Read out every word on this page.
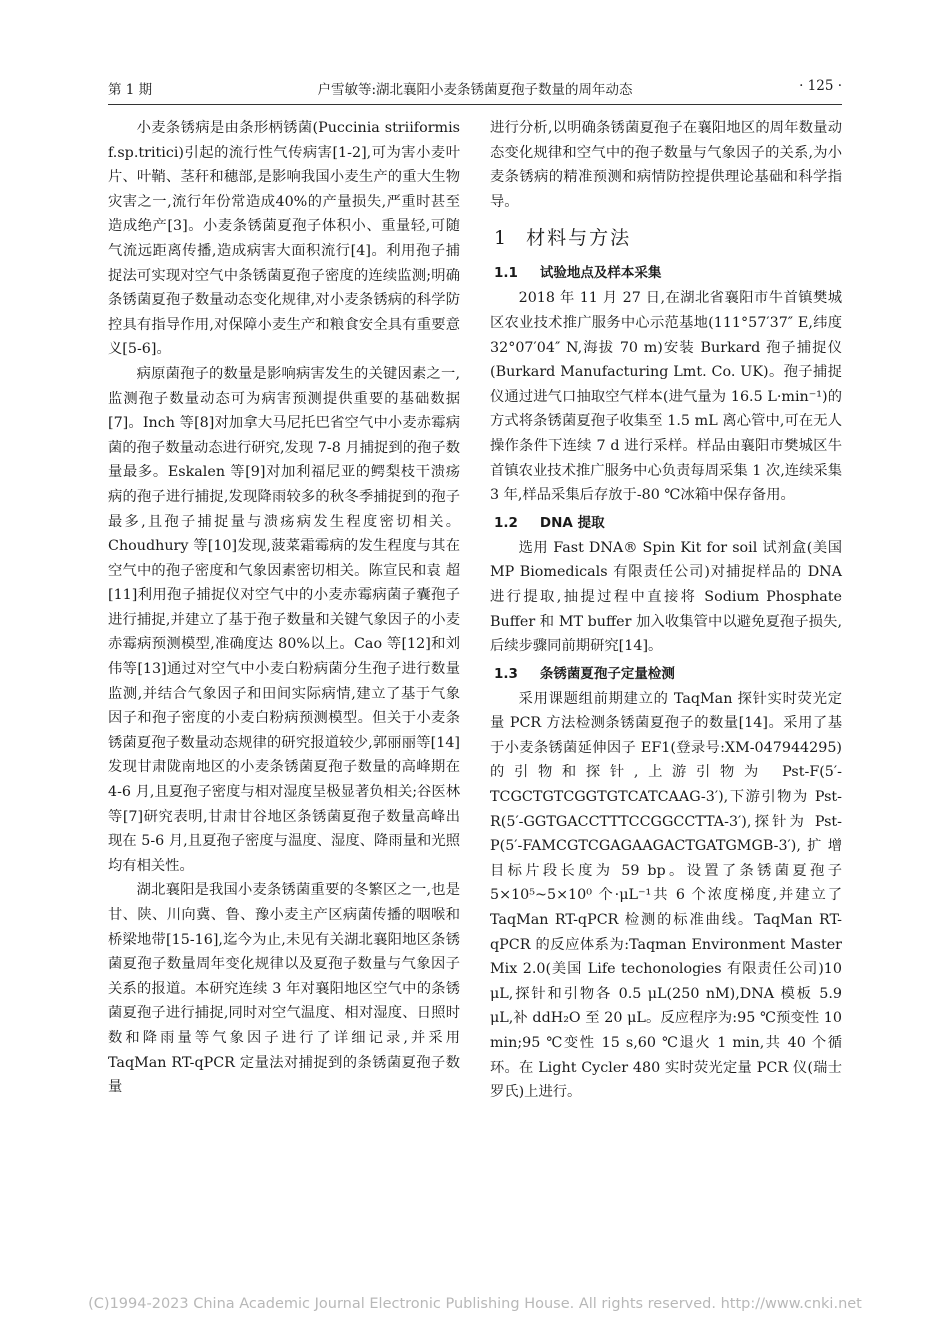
第 1 期	户雪敏等:湖北襄阳小麦条锈菌夏孢子数量的周年动态	· 125 ·

小麦条锈病是由条形柄锈菌(Puccinia striiformis f.sp.tritici)引起的流行性气传病害[1-2],可为害小麦叶片、叶鞘、茎秆和穗部,是影响我国小麦生产的重大生物灾害之一,流行年份常造成40%的产量损失,严重时甚至造成绝产[3]。小麦条锈菌夏孢子体积小、重量轻,可随气流远距离传播,造成病害大面积流行[4]。利用孢子捕捉法可实现对空气中条锈菌夏孢子密度的连续监测;明确条锈菌夏孢子数量动态变化规律,对小麦条锈病的科学防控具有指导作用,对保障小麦生产和粮食安全具有重要意义[5-6]。

病原菌孢子的数量是影响病害发生的关键因素之一,监测孢子数量动态可为病害预测提供重要的基础数据[7]。Inch 等[8]对加拿大马尼托巴省空气中小麦赤霉病菌的孢子数量动态进行研究,发现 7-8 月捕捉到的孢子数量最多。Eskalen 等[9]对加利福尼亚的鳄梨枝干溃疡病的孢子进行捕捉,发现降雨较多的秋冬季捕捉到的孢子最多,且孢子捕捉量与溃疡病发生程度密切相关。Choudhury 等[10]发现,菠菜霜霉病的发生程度与其在空气中的孢子密度和气象因素密切相关。陈宣民和袁 超[11]利用孢子捕捉仪对空气中的小麦赤霉病菌子囊孢子进行捕捉,并建立了基于孢子数量和关键气象因子的小麦赤霉病预测模型,准确度达 80%以上。Cao 等[12]和刘 伟等[13]通过对空气中小麦白粉病菌分生孢子进行数量监测,并结合气象因子和田间实际病情,建立了基于气象因子和孢子密度的小麦白粉病预测模型。但关于小麦条锈菌夏孢子数量动态规律的研究报道较少,郭丽丽等[14]发现甘肃陇南地区的小麦条锈菌夏孢子数量的高峰期在 4-6 月,且夏孢子密度与相对湿度呈极显著负相关;谷医林等[7]研究表明,甘肃甘谷地区条锈菌夏孢子数量高峰出现在 5-6 月,且夏孢子密度与温度、湿度、降雨量和光照均有相关性。

湖北襄阳是我国小麦条锈菌重要的冬繁区之一,也是甘、陕、川向冀、鲁、豫小麦主产区病菌传播的咽喉和桥梁地带[15-16],迄今为止,未见有关湖北襄阳地区条锈菌夏孢子数量周年变化规律以及夏孢子数量与气象因子关系的报道。本研究连续 3 年对襄阳地区空气中的条锈菌夏孢子进行捕捉,同时对空气温度、相对湿度、日照时数和降雨量等气象因子进行了详细记录,并采用 TaqMan RT-qPCR 定量法对捕捉到的条锈菌夏孢子数量

进行分析,以明确条锈菌夏孢子在襄阳地区的周年数量动态变化规律和空气中的孢子数量与气象因子的关系,为小麦条锈病的精准预测和病情防控提供理论基础和科学指导。

1 材料与方法
1.1 试验地点及样本采集

2018 年 11 月 27 日,在湖北省襄阳市牛首镇樊城区农业技术推广服务中心示范基地(111°57′37″ E,纬度 32°07′04″ N,海拔 70 m)安装 Burkard 孢子捕捉仪(Burkard Manufacturing Lmt. Co. UK)。孢子捕捉仪通过进气口抽取空气样本(进气量为 16.5 L·min⁻¹)的方式将条锈菌夏孢子收集至 1.5 mL 离心管中,可在无人操作条件下连续 7 d 进行采样。样品由襄阳市樊城区牛首镇农业技术推广服务中心负责每周采集 1 次,连续采集 3 年,样品采集后存放于-80 ℃冰箱中保存备用。

1.2 DNA 提取

选用 Fast DNA® Spin Kit for soil 试剂盒(美国 MP Biomedicals 有限责任公司)对捕捉样品的 DNA 进行提取,抽提过程中直接将 Sodium Phosphate Buffer 和 MT buffer 加入收集管中以避免夏孢子损失,后续步骤同前期研究[14]。

1.3 条锈菌夏孢子定量检测

采用课题组前期建立的 TaqMan 探针实时荧光定量 PCR 方法检测条锈菌夏孢子的数量[14]。采用了基于小麦条锈菌延伸因子 EF1(登录号:XM-047944295)的引物和探针,上游引物为 Pst-F(5′-TCGCTGTCGGTGTCATCAAG-3′),下游引物为 Pst-R(5′-GGTGACCTTTCCGGCCTTA-3′),探针为 Pst-P(5′-FAMCGTCGAGAAGACTGATGMGB-3′),扩增目标片段长度为 59 bp。设置了条锈菌夏孢子 5×10⁵~5×10⁰ 个·μL⁻¹共 6 个浓度梯度,并建立了 TaqMan RT-qPCR 检测的标准曲线。TaqMan RT-qPCR 的反应体系为:Taqman Environment Master Mix 2.0(美国 Life techonologies 有限责任公司)10 μL,探针和引物各 0.5 μL(250 nM),DNA 模板 5.9 μL,补 ddH₂O 至 20 μL。反应程序为:95 ℃预变性 10 min;95 ℃变性 15 s,60 ℃退火 1 min,共 40 个循环。在 Light Cycler 480 实时荧光定量 PCR 仪(瑞士罗氏)上进行。

(C)1994-2023 China Academic Journal Electronic Publishing House. All rights reserved. http://www.cnki.net
